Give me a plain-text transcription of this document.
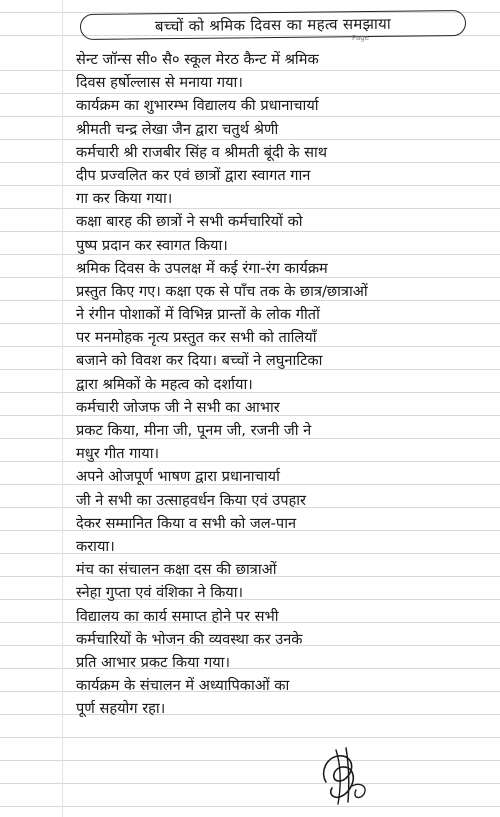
बच्चों को श्रमिक दिवस का महत्व समझाया
Page
सेन्ट जॉन्स सी० सै० स्कूल मेरठ कैन्ट में श्रमिक
दिवस हर्षोल्लास से मनाया गया।
कार्यक्रम का शुभारम्भ विद्यालय की प्रधानाचार्या
श्रीमती चन्द्र लेखा जैन द्वारा चतुर्थ श्रेणी
कर्मचारी श्री राजबीर सिंह व श्रीमती बूंदी के साथ
दीप प्रज्वलित कर एवं छात्रों द्वारा स्वागत गान
गा कर किया गया।
कक्षा बारह की छात्रों ने सभी कर्मचारियों को
पुष्प प्रदान कर स्वागत किया।
श्रमिक दिवस के उपलक्ष में कई रंगा-रंग कार्यक्रम
प्रस्तुत किए गए। कक्षा एक से पाँच तक के छात्र/छात्राओं
ने रंगीन पोशाकों में विभिन्न प्रान्तों के लोक गीतों
पर मनमोहक नृत्य प्रस्तुत कर सभी को तालियाँ
बजाने को विवश कर दिया। बच्चों ने लघुनाटिका
द्वारा श्रमिकों के महत्व को दर्शाया।
कर्मचारी जोजफ जी ने सभी का आभार
प्रकट किया, मीना जी, पूनम जी, रजनी जी ने
मधुर गीत गाया।
अपने ओजपूर्ण भाषण द्वारा प्रधानाचार्या
जी ने सभी का उत्साहवर्धन किया एवं उपहार
देकर सम्मानित किया व सभी को जल-पान
कराया।
मंच का संचालन कक्षा दस की छात्राओं
स्नेहा गुप्ता एवं वंशिका ने किया।
विद्यालय का कार्य समाप्त होने पर सभी
कर्मचारियों के भोजन की व्यवस्था कर उनके
प्रति आभार प्रकट किया गया।
कार्यक्रम के संचालन में अध्यापिकाओं का
पूर्ण सहयोग रहा।
